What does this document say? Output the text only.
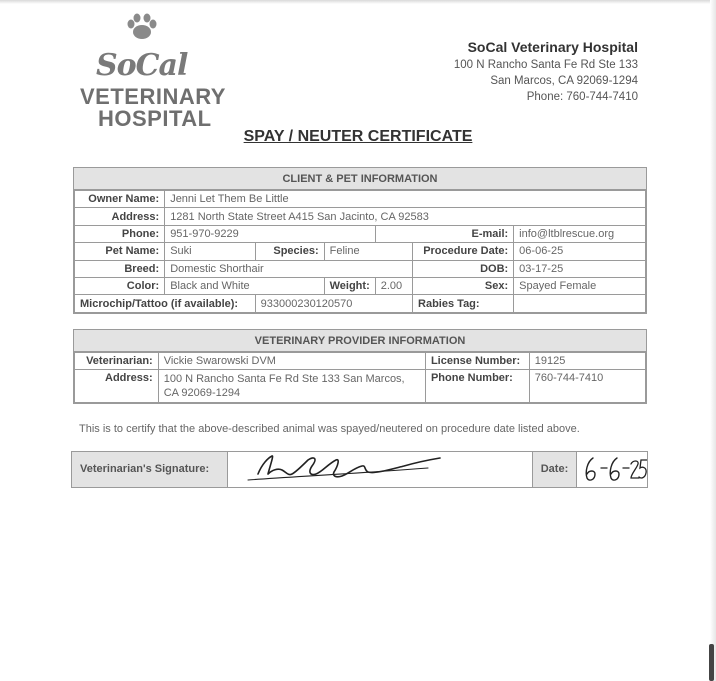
SoCal
VETERINARY
HOSPITAL
SoCal Veterinary Hospital
100 N Rancho Santa Fe Rd Ste 133
San Marcos, CA 92069-1294
Phone: 760-744-7410
SPAY / NEUTER CERTIFICATE
CLIENT & PET INFORMATION
Owner Name:	Jenni Let Them Be Little					
Address:	1281 North State Street A415 San Jacinto, CA 92583					
Phone:	951-970-9229			E-mail:		info@ltblrescue.org
Pet Name:	Suki	Species:	Feline		Procedure Date:	06-06-25
Breed:	Domestic Shorthair				DOB:	03-17-25
Color:	Black and White		Weight:	2.00	Sex:	Spayed Female
Microchip/Tattoo (if available):		933000230120570			Rabies Tag:	
VETERINARY PROVIDER INFORMATION
Veterinarian:	Vickie Swarowski DVM	License Number:	19125
Address:	100 N Rancho Santa Fe Rd Ste 133 San Marcos,
CA 92069-1294	Phone Number:	760-744-7410
This is to certify that the above-described animal was spayed/neutered on procedure date listed above.
Veterinarian's Signature:	Date:
